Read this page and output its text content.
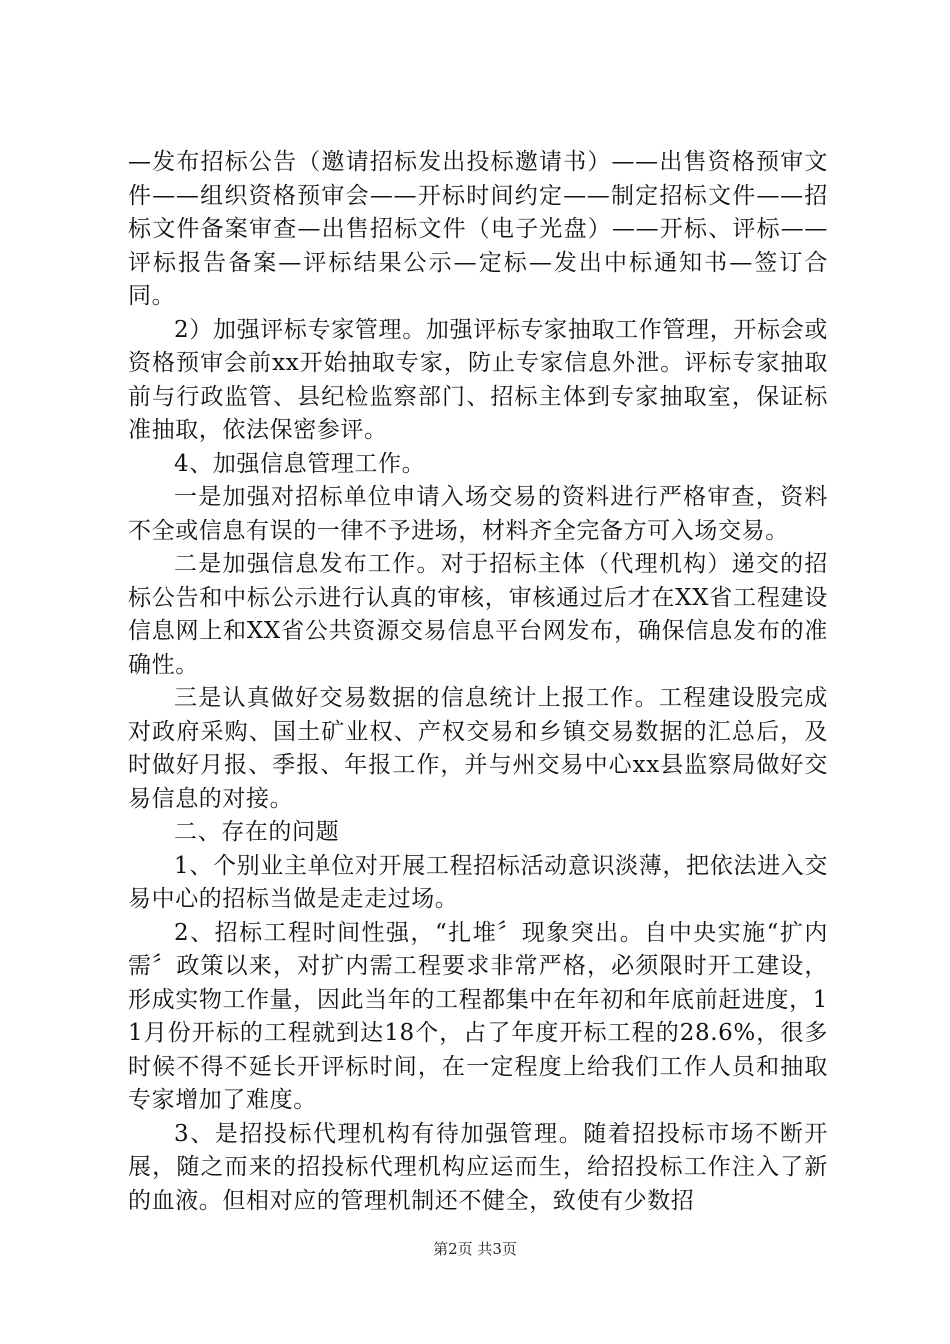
—发布招标公告（邀请招标发出投标邀请书）——出售资格预审文件——组织资格预审会——开标时间约定——制定招标文件——招标文件备案审查—出售招标文件（电子光盘）——开标、评标——评标报告备案—评标结果公示—定标—发出中标通知书—签订合同。

2）加强评标专家管理。加强评标专家抽取工作管理，开标会或资格预审会前xx开始抽取专家，防止专家信息外泄。评标专家抽取前与行政监管、县纪检监察部门、招标主体到专家抽取室，保证标准抽取，依法保密参评。

4、加强信息管理工作。

一是加强对招标单位申请入场交易的资料进行严格审查，资料不全或信息有误的一律不予进场，材料齐全完备方可入场交易。

二是加强信息发布工作。对于招标主体（代理机构）递交的招标公告和中标公示进行认真的审核，审核通过后才在XX省工程建设信息网上和XX省公共资源交易信息平台网发布，确保信息发布的准确性。

三是认真做好交易数据的信息统计上报工作。工程建设股完成对政府采购、国土矿业权、产权交易和乡镇交易数据的汇总后，及时做好月报、季报、年报工作，并与州交易中心xx县监察局做好交易信息的对接。

二、存在的问题

1、个别业主单位对开展工程招标活动意识淡薄，把依法进入交易中心的招标当做是走走过场。

2、招标工程时间性强，“扎堆〞现象突出。自中央实施“扩内需〞政策以来，对扩内需工程要求非常严格，必须限时开工建设，形成实物工作量，因此当年的工程都集中在年初和年底前赶进度，11月份开标的工程就到达18个，占了年度开标工程的28.6%，很多时候不得不延长开评标时间，在一定程度上给我们工作人员和抽取专家增加了难度。

3、是招投标代理机构有待加强管理。随着招投标市场不断开展，随之而来的招投标代理机构应运而生，给招投标工作注入了新的血液。但相对应的管理机制还不健全，致使有少数招

第2页 共3页
